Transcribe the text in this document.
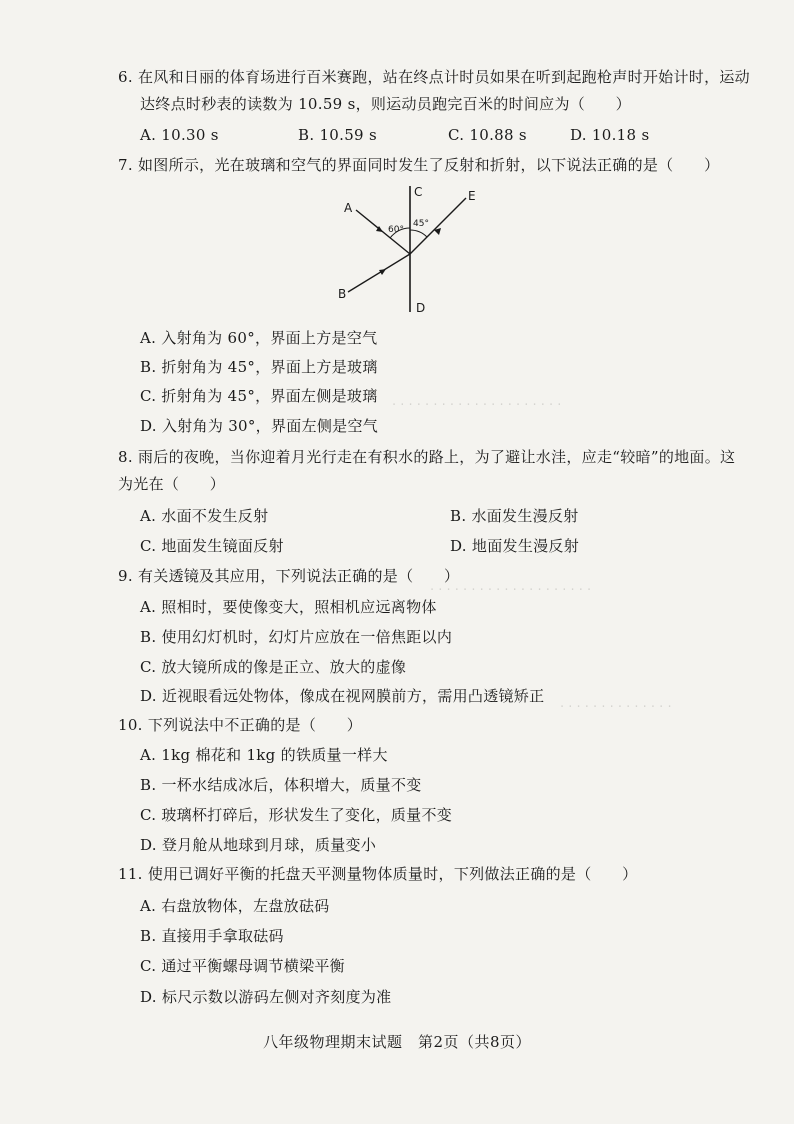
· · · · · · · · · · · · · · · · · · · · ·
· · · · · · · · · · · · · · · · · · · ·
· · · · · · · · · · · · · ·
6. 在风和日丽的体育场进行百米赛跑，站在终点计时员如果在听到起跑枪声时开始计时，运动
达终点时秒表的读数为 10.59 s，则运动员跑完百米的时间应为（　　）
A. 10.30 s	B. 10.59 s	C. 10.88 s	D. 10.18 s
7. 如图所示，光在玻璃和空气的界面同时发生了反射和折射，以下说法正确的是（　　）
A
B
C
D
E
60°
45°
A. 入射角为 60°，界面上方是空气
B. 折射角为 45°，界面上方是玻璃
C. 折射角为 45°，界面左侧是玻璃
D. 入射角为 30°，界面左侧是空气
8. 雨后的夜晚，当你迎着月光行走在有积水的路上，为了避让水洼，应走“较暗”的地面。这
为光在（　　）
A. 水面不发生反射	B. 水面发生漫反射
C. 地面发生镜面反射	D. 地面发生漫反射
9. 有关透镜及其应用，下列说法正确的是（　　）
A. 照相时，要使像变大，照相机应远离物体
B. 使用幻灯机时，幻灯片应放在一倍焦距以内
C. 放大镜所成的像是正立、放大的虚像
D. 近视眼看远处物体，像成在视网膜前方，需用凸透镜矫正
10. 下列说法中不正确的是（　　）
A. 1kg 棉花和 1kg 的铁质量一样大
B. 一杯水结成冰后，体积增大，质量不变
C. 玻璃杯打碎后，形状发生了变化，质量不变
D. 登月舱从地球到月球，质量变小
11. 使用已调好平衡的托盘天平测量物体质量时，下列做法正确的是（　　）
A. 右盘放物体，左盘放砝码
B. 直接用手拿取砝码
C. 通过平衡螺母调节横梁平衡
D. 标尺示数以游码左侧对齐刻度为准
八年级物理期末试题　第2页（共8页）
